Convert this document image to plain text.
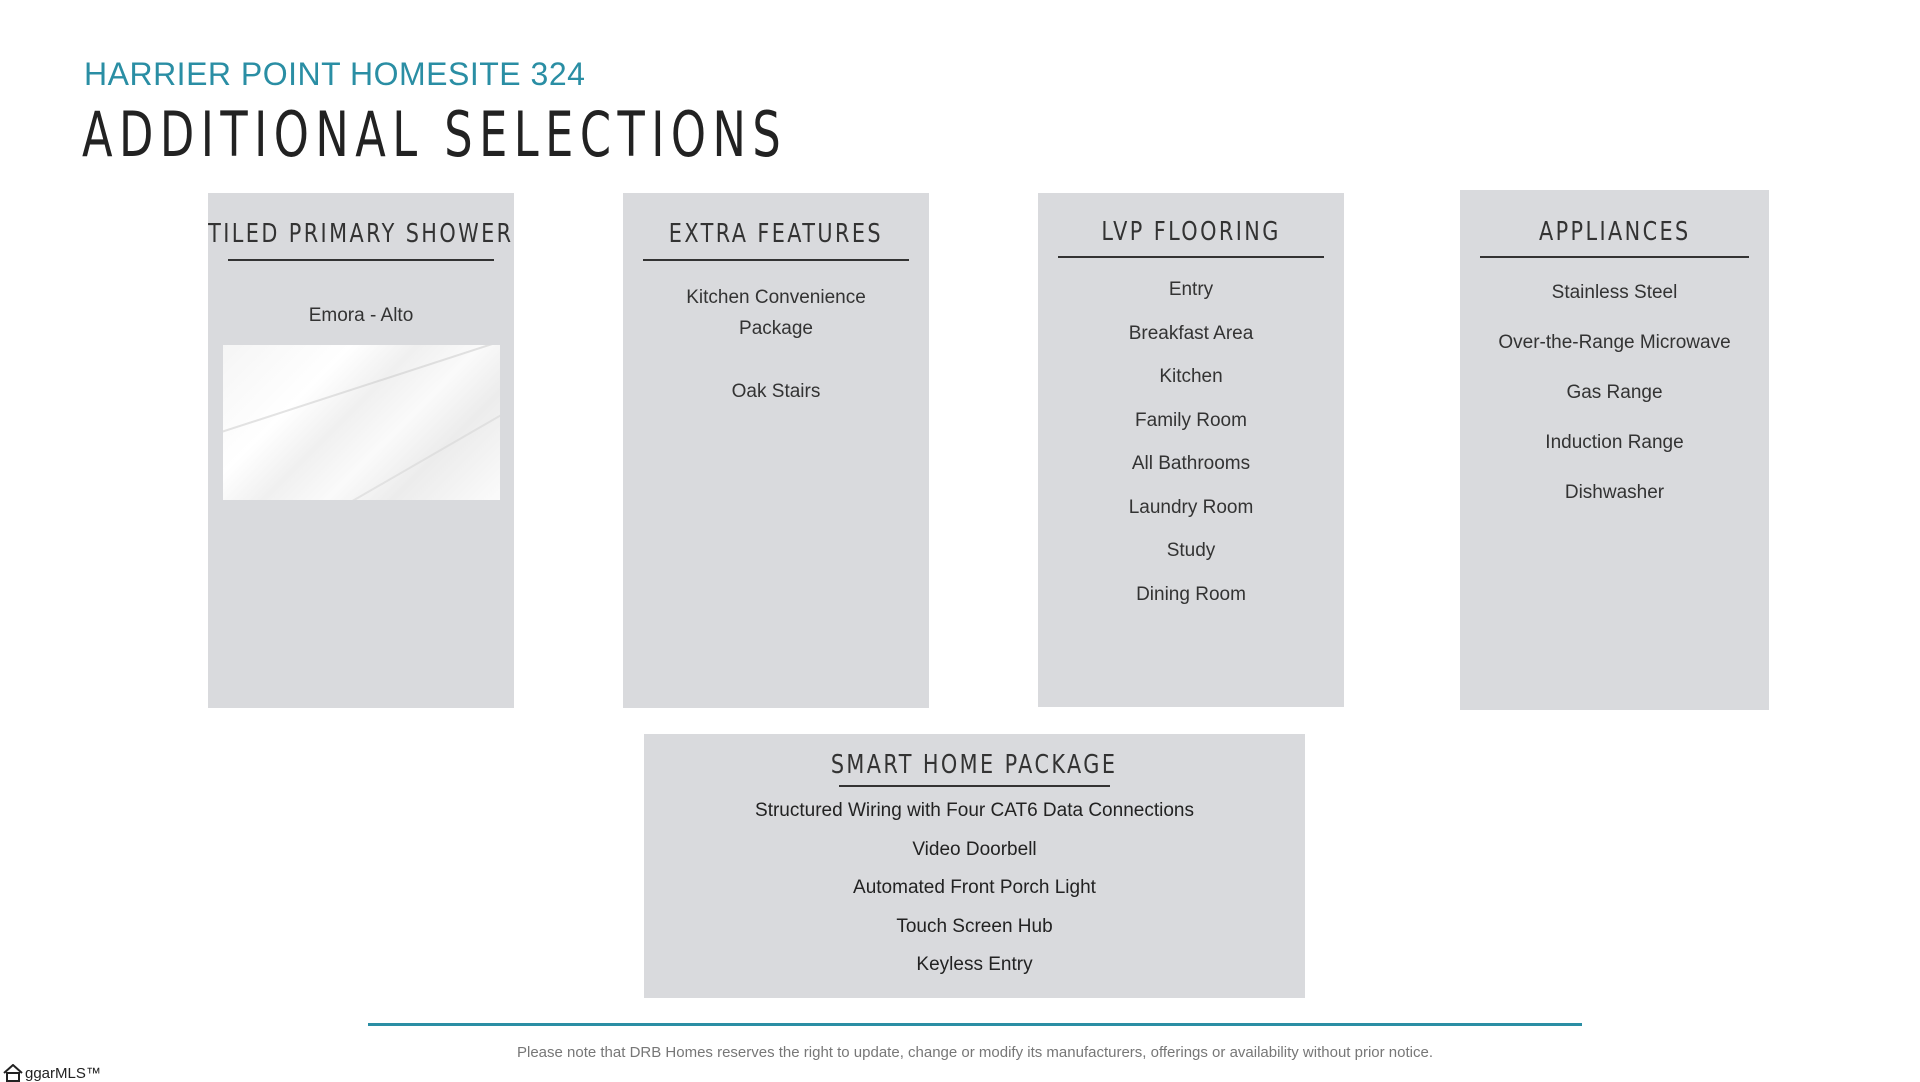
HARRIER POINT HOMESITE 324
ADDITIONAL SELECTIONS
TILED PRIMARY SHOWER
Emora - Alto
EXTRA FEATURES
Kitchen Convenience
Package
Oak Stairs
LVP FLOORING
Entry
Breakfast Area
Kitchen
Family Room
All Bathrooms
Laundry Room
Study
Dining Room
APPLIANCES
Stainless Steel
Over-the-Range Microwave
Gas Range
Induction Range
Dishwasher
SMART HOME PACKAGE
Structured Wiring with Four CAT6 Data Connections
Video Doorbell
Automated Front Porch Light
Touch Screen Hub
Keyless Entry
Please note that DRB Homes reserves the right to update, change or modify its manufacturers, offerings or availability without prior notice.
ggarMLS™
